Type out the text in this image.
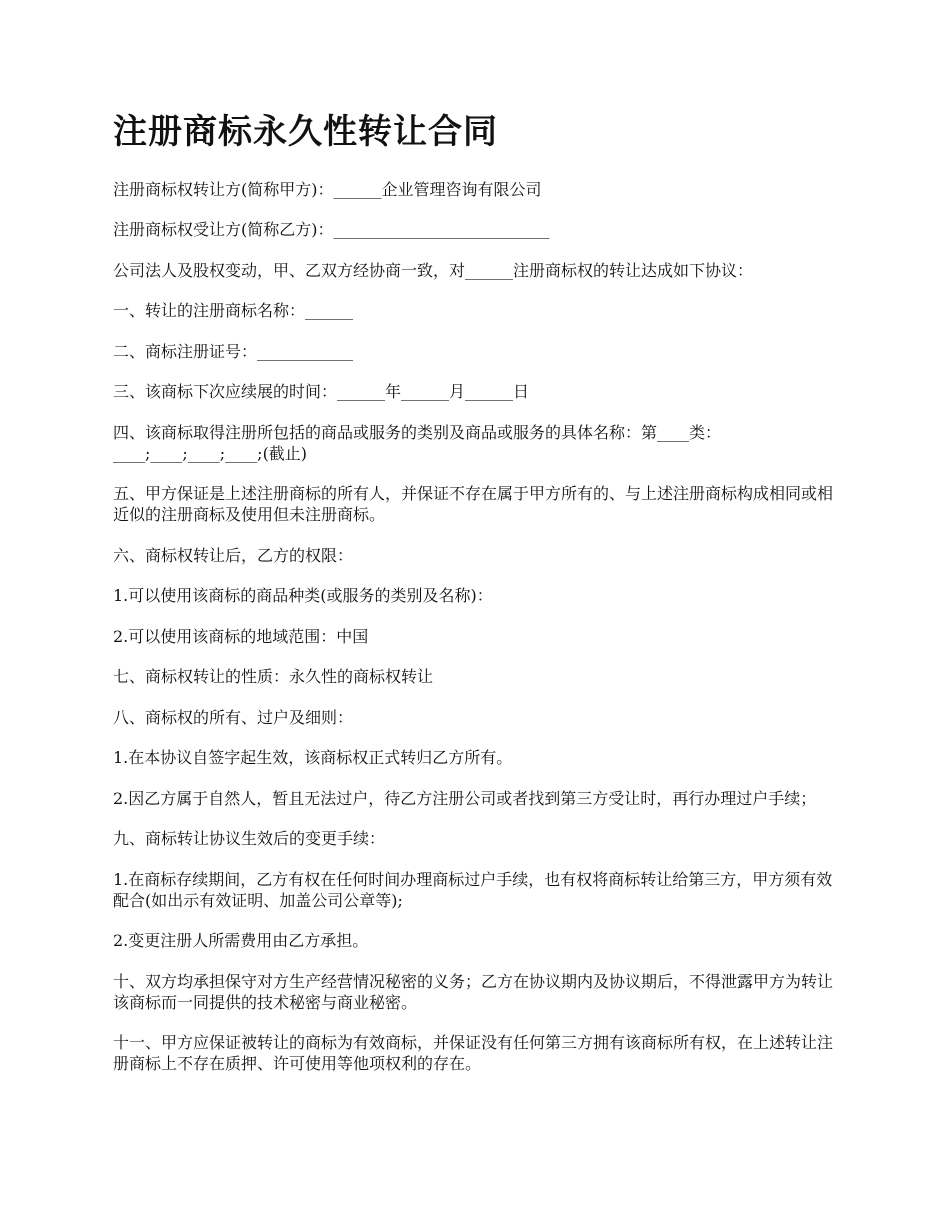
注册商标永久性转让合同

注册商标权转让方(简称甲方)：______企业管理咨询有限公司

注册商标权受让方(简称乙方)：___________________________

公司法人及股权变动，甲、乙双方经协商一致，对______注册商标权的转让达成如下协议：

一、转让的注册商标名称：______

二、商标注册证号：____________

三、该商标下次应续展的时间：______年______月______日

四、该商标取得注册所包括的商品或服务的类别及商品或服务的具体名称：第____类：____;____;____;____;(截止)

五、甲方保证是上述注册商标的所有人，并保证不存在属于甲方所有的、与上述注册商标构成相同或相近似的注册商标及使用但未注册商标。

六、商标权转让后，乙方的权限：

1.可以使用该商标的商品种类(或服务的类别及名称)：

2.可以使用该商标的地域范围：中国

七、商标权转让的性质：永久性的商标权转让

八、商标权的所有、过户及细则：

1.在本协议自签字起生效，该商标权正式转归乙方所有。

2.因乙方属于自然人，暂且无法过户，待乙方注册公司或者找到第三方受让时，再行办理过户手续；

九、商标转让协议生效后的变更手续：

1.在商标存续期间，乙方有权在任何时间办理商标过户手续，也有权将商标转让给第三方，甲方须有效配合(如出示有效证明、加盖公司公章等);

2.变更注册人所需费用由乙方承担。

十、双方均承担保守对方生产经营情况秘密的义务；乙方在协议期内及协议期后，不得泄露甲方为转让该商标而一同提供的技术秘密与商业秘密。

十一、甲方应保证被转让的商标为有效商标，并保证没有任何第三方拥有该商标所有权，在上述转让注册商标上不存在质押、许可使用等他项权利的存在。
